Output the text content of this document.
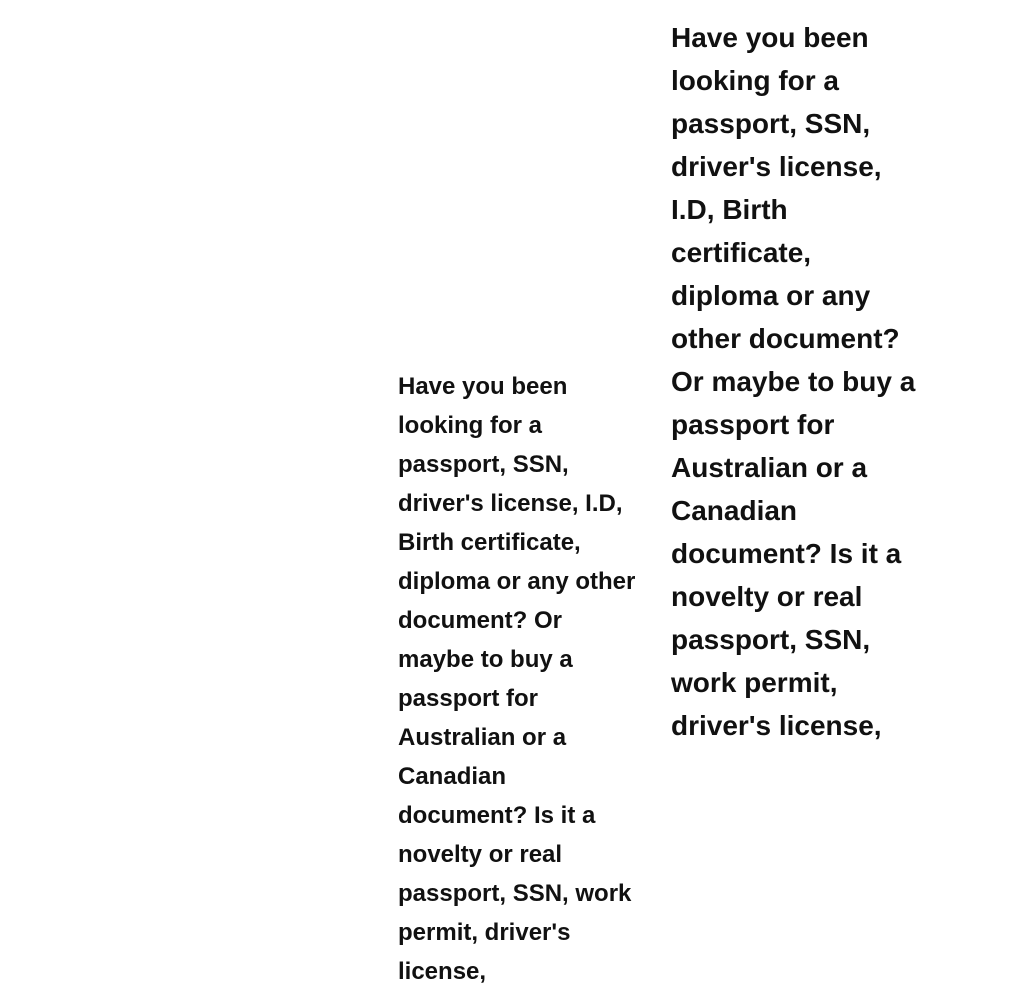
Have you been looking for a passport, SSN, driver's license, I.D, Birth certificate, diploma or any other document? Or maybe to buy a passport for Australian or a Canadian document? Is it a novelty or real passport, SSN, work permit, driver's license,

Have you been looking for a passport, SSN, driver's license, I.D, Birth certificate, diploma or any other document? Or maybe to buy a passport for Australian or a Canadian document? Is it a novelty or real passport, SSN, work permit, driver's license,
